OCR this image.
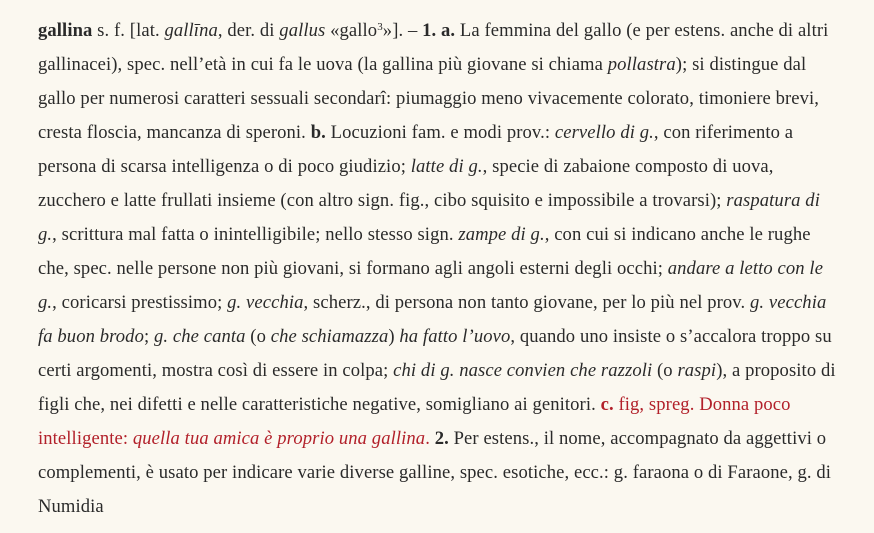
gallina s. f. [lat. gallīna, der. di gallus «gallo$^3$»]. – 1. a. La femmina del gallo (e per estens. anche di altri gallinacei), spec. nell’età in cui fa le uova (la gallina più giovane si chiama pollastra); si distingue dal gallo per numerosi caratteri sessuali secondarî: piumaggio meno vivacemente colorato, timoniere brevi, cresta floscia, mancanza di speroni. b. Locuzioni fam. e modi prov.: cervello di g., con riferimento a persona di scarsa intelligenza o di poco giudizio; latte di g., specie di zabaione composto di uova, zucchero e latte frullati insieme (con altro sign. fig., cibo squisito e impossibile a trovarsi); raspatura di g., scrittura mal fatta o inintelligibile; nello stesso sign. zampe di g., con cui si indicano anche le rughe che, spec. nelle persone non più giovani, si formano agli angoli esterni degli occhi; andare a letto con le g., coricarsi prestissimo; g. vecchia, scherz., di persona non tanto giovane, per lo più nel prov. g. vecchia fa buon brodo; g. che canta (o che schiamazza) ha fatto l’uovo, quando uno insiste o s’accalora troppo su certi argomenti, mostra così di essere in colpa; chi di g. nasce convien che razzoli (o raspi), a proposito di figli che, nei difetti e nelle caratteristiche negative, somigliano ai genitori. c. fig, spreg. Donna poco intelligente: quella tua amica è proprio una gallina. 2. Per estens., il nome, accompagnato da aggettivi o complementi, è usato per indicare varie diverse galline, spec. esotiche, ecc.: g. faraona o di Faraone, g. di Numidia
